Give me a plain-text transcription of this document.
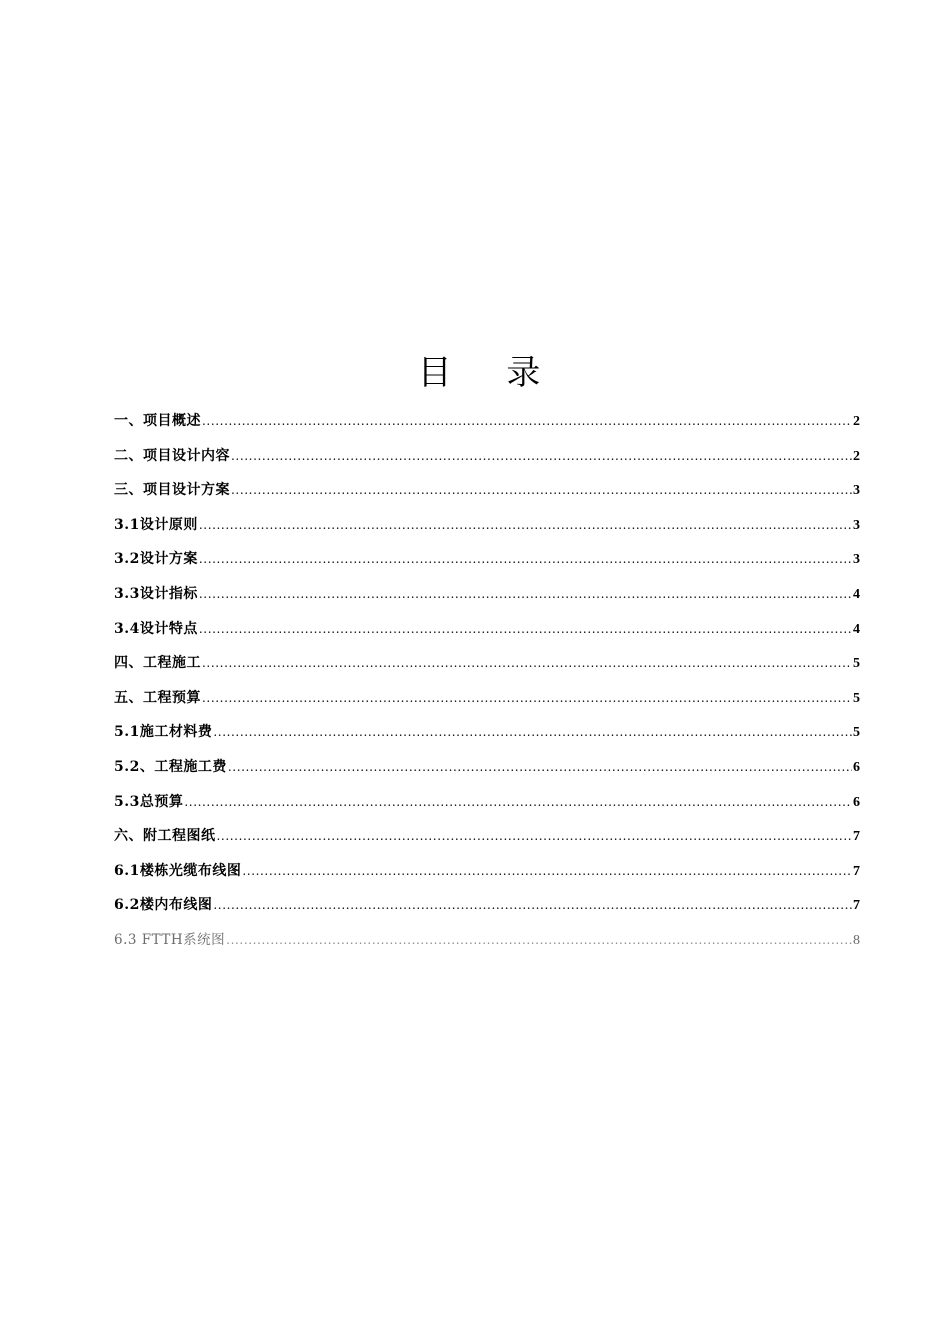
目 录
一、项目概述 .....	2
二、项目设计内容 .....	2
三、项目设计方案 .....	3
3.1设计原则 .....	3
3.2设计方案 .....	3
3.3设计指标 .....	4
3.4设计特点 .....	4
四、工程施工 .....	5
五、工程预算 .....	5
5.1施工材料费 .....	5
5.2、工程施工费 .....	6
5.3总预算 .....	6
六、附工程图纸 .....	7
6.1楼栋光缆布线图 .....	7
6.2楼内布线图 .....	7
6.3 FTTH系统图 .....	8
